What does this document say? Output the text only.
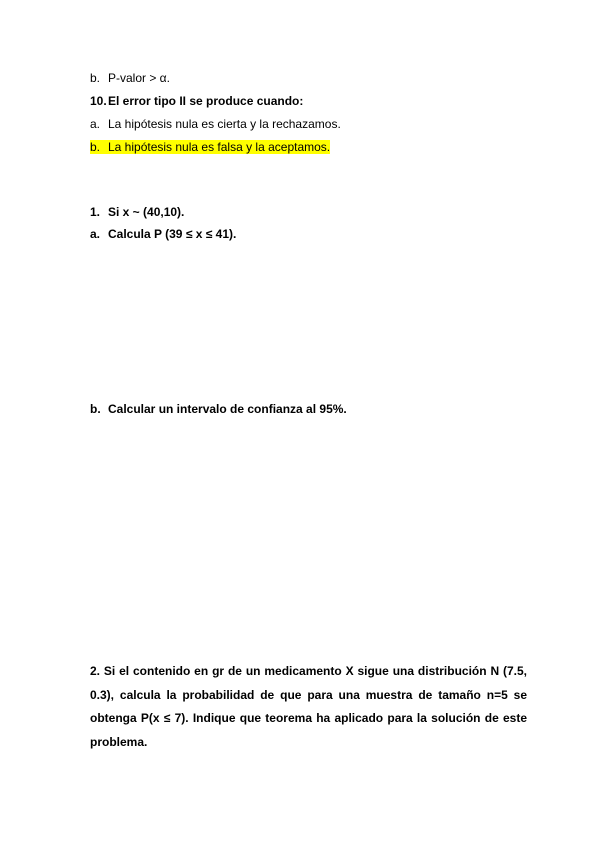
b. P-valor > α.
10.El error tipo II se produce cuando:
a. La hipótesis nula es cierta y la rechazamos.
b. La hipótesis nula es falsa y la aceptamos.
1. Si x ~ (40,10).
a. Calcula P (39 ≤ x ≤ 41).
b. Calcular un intervalo de confianza al 95%.
2. Si el contenido en gr de un medicamento X sigue una distribución N (7.5, 0.3), calcula la probabilidad de que para una muestra de tamaño n=5 se obtenga P(x ≤ 7). Indique que teorema ha aplicado para la solución de este problema.
